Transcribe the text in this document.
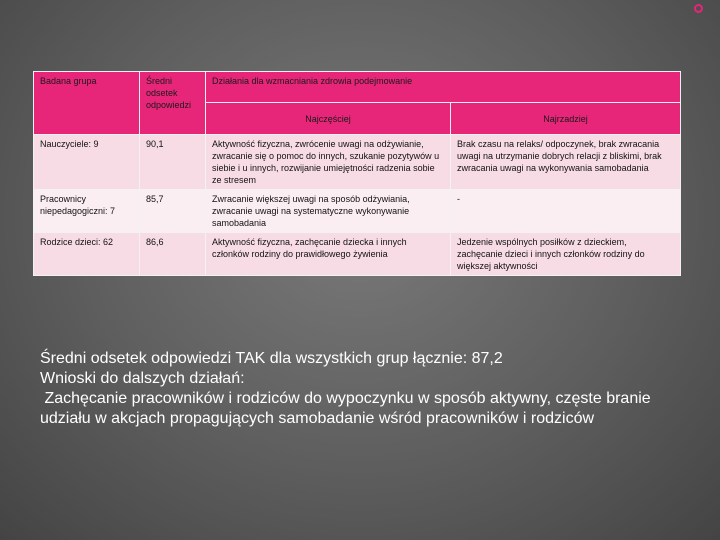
Badana grupa	Średni odsetek odpowiedzi	Działania dla wzmacniania zdrowia podejmowanie	
		Najczęściej	Najrzadziej
Nauczyciele: 9	90,1	Aktywność fizyczna, zwrócenie uwagi na odżywianie, zwracanie się o pomoc do innych, szukanie pozytywów u siebie i u innych, rozwijanie umiejętności radzenia sobie ze stresem	Brak czasu na relaks/ odpoczynek, brak zwracania uwagi na utrzymanie dobrych relacji z bliskimi, brak zwracania uwagi na wykonywania samobadania
Pracownicy niepedagogiczni: 7	85,7	Zwracanie większej uwagi na sposób odżywiania, zwracanie uwagi na systematyczne wykonywanie samobadania	-
Rodzice dzieci: 62	86,6	Aktywność fizyczna, zachęcanie dziecka i innych członków rodziny do prawidłowego żywienia	Jedzenie wspólnych posiłków z dzieckiem, zachęcanie dzieci i innych członków rodziny do większej aktywności

Średni odsetek odpowiedzi TAK dla wszystkich grup łącznie: 87,2

Wnioski do dalszych działań:

Zachęcanie pracowników i rodziców do wypoczynku w sposób aktywny, częste branie udziału w akcjach propagujących samobadanie wśród pracowników i rodziców
